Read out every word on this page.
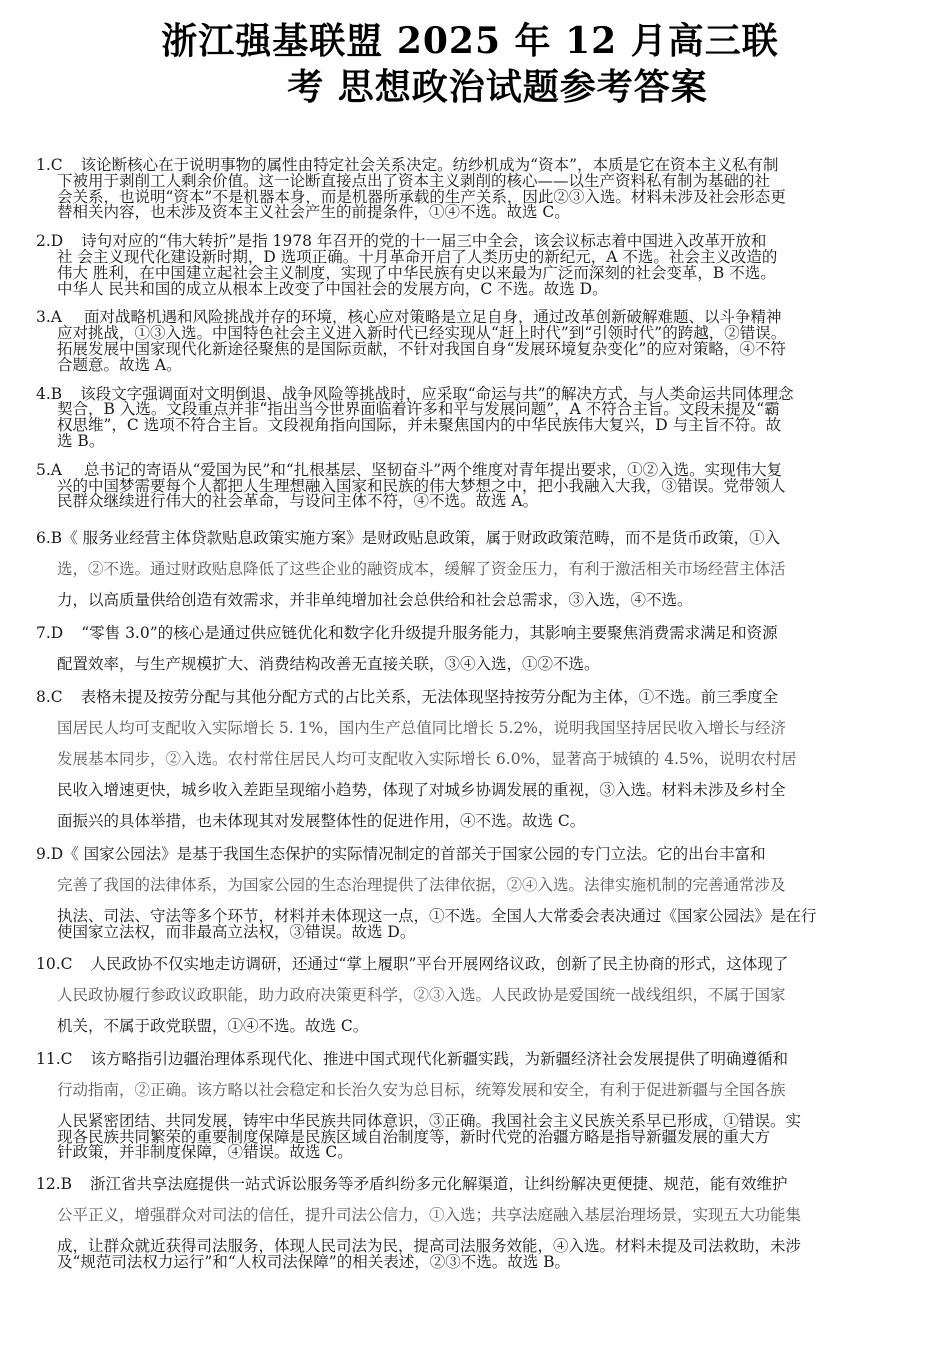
浙江强基联盟 2025 年 12 月高三联
考 思想政治试题参考答案

1.C 该论断核心在于说明事物的属性由特定社会关系决定。纺纱机成为“资本”，本质是它在资本主义私有制

下被用于剥削工人剩余价值。这一论断直接点出了资本主义剥削的核心——以生产资料私有制为基础的社

会关系，也说明“资本”不是机器本身，而是机器所承载的生产关系，因此②③入选。材料未涉及社会形态更

替相关内容，也未涉及资本主义社会产生的前提条件，①④不选。故选 C。

2.D 诗句对应的“伟大转折”是指 1978 年召开的党的十一届三中全会，该会议标志着中国进入改革开放和

社 会主义现代化建设新时期，D 选项正确。十月革命开启了人类历史的新纪元，A 不选。社会主义改造的

伟大 胜利，在中国建立起社会主义制度，实现了中华民族有史以来最为广泛而深刻的社会变革，B 不选。

中华人 民共和国的成立从根本上改变了中国社会的发展方向，C 不选。故选 D。

3.A 面对战略机遇和风险挑战并存的环境，核心应对策略是立足自身，通过改革创新破解难题、以斗争精神

应对挑战，①③入选。中国特色社会主义进入新时代已经实现从“赶上时代”到“引领时代”的跨越，②错误。

拓展发展中国家现代化新途径聚焦的是国际贡献，不针对我国自身“发展环境复杂变化”的应对策略，④不符

合题意。故选 A。

4.B 该段文字强调面对文明倒退、战争风险等挑战时，应采取“命运与共”的解决方式，与人类命运共同体理念

契合，B 入选。文段重点并非“指出当今世界面临着许多和平与发展问题”，A 不符合主旨。文段未提及“霸

权思维”，C 选项不符合主旨。文段视角指向国际，并未聚焦国内的中华民族伟大复兴，D 与主旨不符。故

选 B。

5.A 总书记的寄语从“爱国为民”和“扎根基层、坚韧奋斗”两个维度对青年提出要求，①②入选。实现伟大复

兴的中国梦需要每个人都把人生理想融入国家和民族的伟大梦想之中，把小我融入大我，③错误。党带领人

民群众继续进行伟大的社会革命，与设问主体不符，④不选。故选 A。

6.B《 服务业经营主体贷款贴息政策实施方案》是财政贴息政策，属于财政政策范畴，而不是货币政策，①入

选，②不选。通过财政贴息降低了这些企业的融资成本，缓解了资金压力，有利于激活相关市场经营主体活

力，以高质量供给创造有效需求，并非单纯增加社会总供给和社会总需求，③入选，④不选。

7.D “零售 3.0”的核心是通过供应链优化和数字化升级提升服务能力，其影响主要聚焦消费需求满足和资源

配置效率，与生产规模扩大、消费结构改善无直接关联，③④入选，①②不选。

8.C 表格未提及按劳分配与其他分配方式的占比关系，无法体现坚持按劳分配为主体，①不选。前三季度全

国居民人均可支配收入实际增长 5. 1%，国内生产总值同比增长 5.2%，说明我国坚持居民收入增长与经济

发展基本同步，②入选。农村常住居民人均可支配收入实际增长 6.0%，显著高于城镇的 4.5%，说明农村居

民收入增速更快，城乡收入差距呈现缩小趋势，体现了对城乡协调发展的重视，③入选。材料未涉及乡村全

面振兴的具体举措，也未体现其对发展整体性的促进作用，④不选。故选 C。

9.D《 国家公园法》是基于我国生态保护的实际情况制定的首部关于国家公园的专门立法。它的出台丰富和

完善了我国的法律体系，为国家公园的生态治理提供了法律依据，②④入选。法律实施机制的完善通常涉及

执法、司法、守法等多个环节，材料并未体现这一点，①不选。全国人大常委会表决通过《国家公园法》是在行

使国家立法权，而非最高立法权，③错误。故选 D。

10.C 人民政协不仅实地走访调研，还通过“掌上履职”平台开展网络议政，创新了民主协商的形式，这体现了

人民政协履行参政议政职能，助力政府决策更科学，②③入选。人民政协是爱国统一战线组织，不属于国家

机关，不属于政党联盟，①④不选。故选 C。

11.C 该方略指引边疆治理体系现代化、推进中国式现代化新疆实践，为新疆经济社会发展提供了明确遵循和

行动指南，②正确。该方略以社会稳定和长治久安为总目标，统筹发展和安全，有利于促进新疆与全国各族

人民紧密团结、共同发展，铸牢中华民族共同体意识，③正确。我国社会主义民族关系早已形成，①错误。实

现各民族共同繁荣的重要制度保障是民族区域自治制度等，新时代党的治疆方略是指导新疆发展的重大方

针政策，并非制度保障，④错误。故选 C。

12.B 浙江省共享法庭提供一站式诉讼服务等矛盾纠纷多元化解渠道，让纠纷解决更便捷、规范，能有效维护

公平正义，增强群众对司法的信任，提升司法公信力，①入选；共享法庭融入基层治理场景，实现五大功能集

成，让群众就近获得司法服务，体现人民司法为民，提高司法服务效能，④入选。材料未提及司法救助，未涉

及“规范司法权力运行”和“人权司法保障”的相关表述，②③不选。故选 B。
